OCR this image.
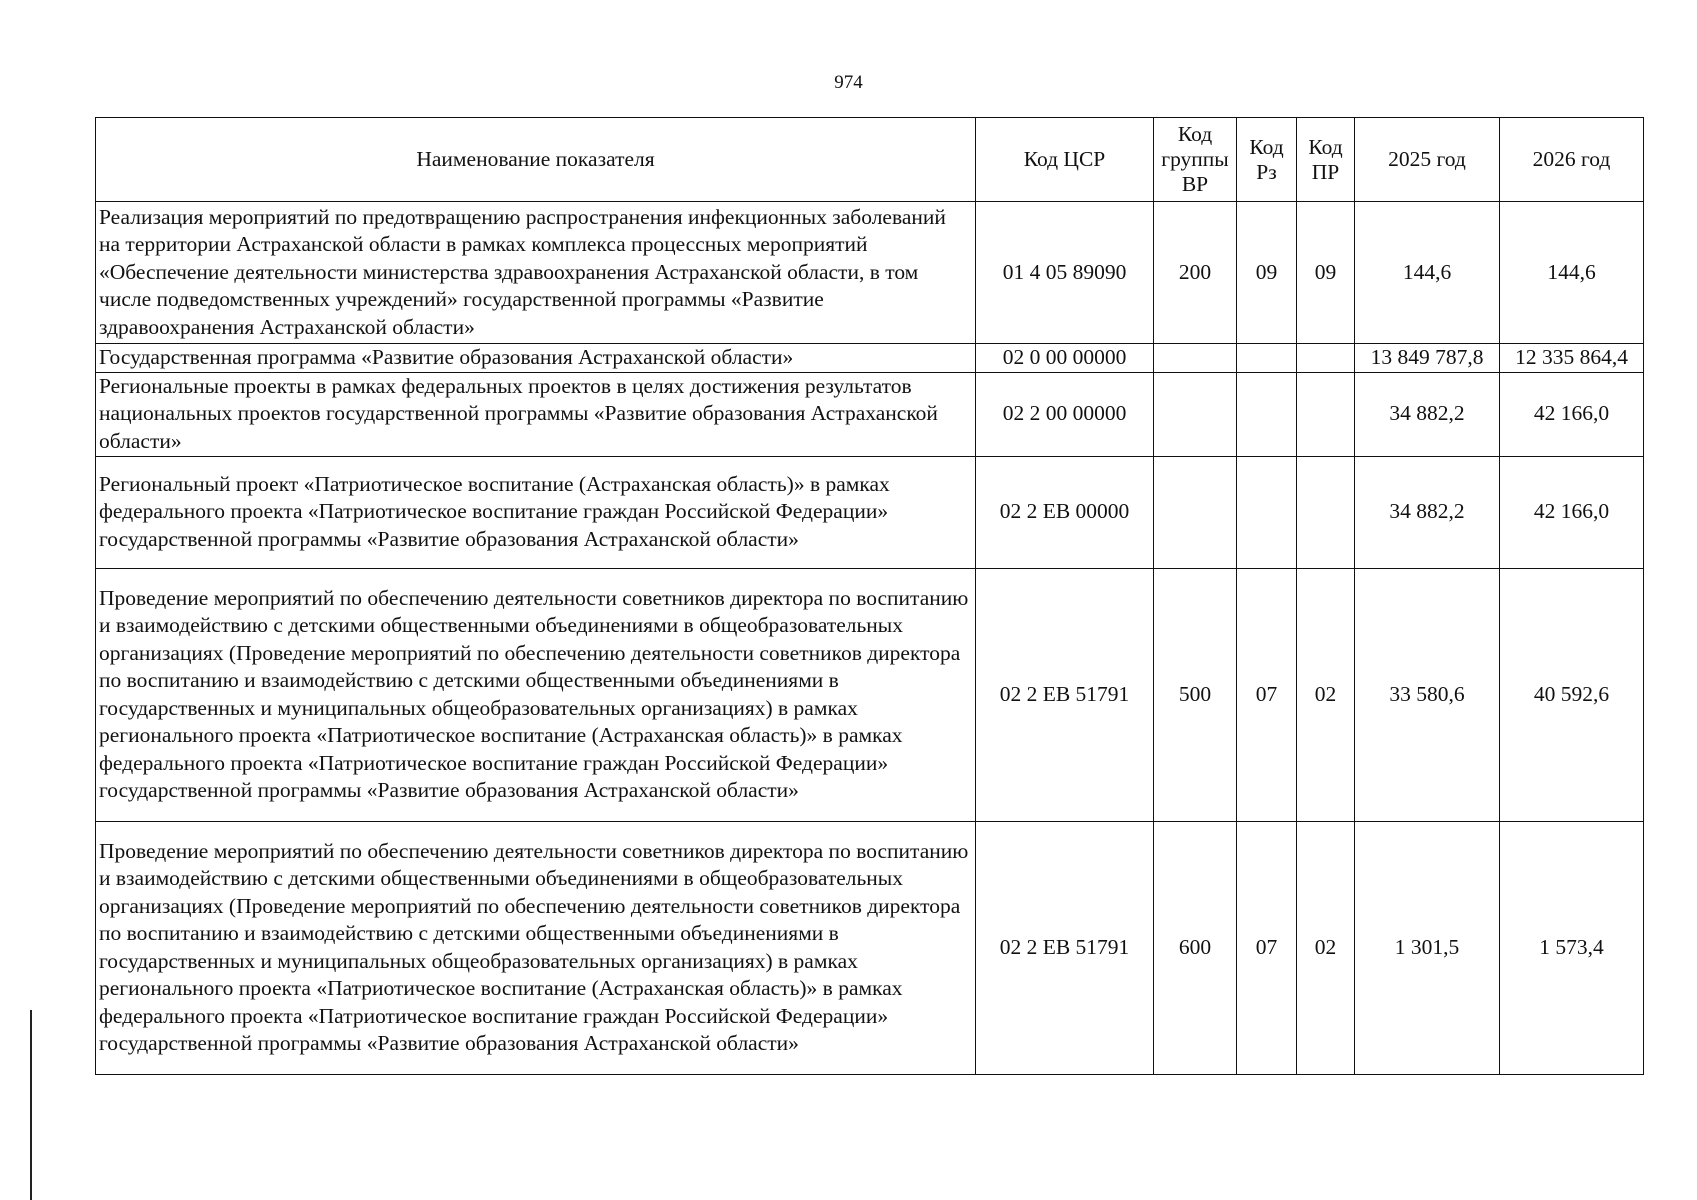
974
Наименование показателя	Код ЦСР	Код группы ВР	Код Рз	Код ПР	2025 год	2026 год
Реализация мероприятий по предотвращению распространения инфекционных заболеваний на территории Астраханской области в рамках комплекса процессных мероприятий «Обеспечение деятельности министерства здравоохранения Астраханской области, в том числе подведомственных учреждений» государственной программы «Развитие здравоохранения Астраханской области»	01 4 05 89090	200	09	09	144,6	144,6
Государственная программа «Развитие образования Астраханской области»	02 0 00 00000				13 849 787,8	12 335 864,4
Региональные проекты в рамках федеральных проектов в целях достижения результатов национальных проектов государственной программы «Развитие образования Астраханской области»	02 2 00 00000				34 882,2	42 166,0
Региональный проект «Патриотическое воспитание (Астраханская область)» в рамках федерального проекта «Патриотическое воспитание граждан Российской Федерации» государственной программы «Развитие образования Астраханской области»	02 2 ЕВ 00000				34 882,2	42 166,0
Проведение мероприятий по обеспечению деятельности советников директора по воспитанию и взаимодействию с детскими общественными объединениями в общеобразовательных организациях (Проведение мероприятий по обеспечению деятельности советников директора по воспитанию и взаимодействию с детскими общественными объединениями в государственных и муниципальных общеобразовательных организациях) в рамках регионального проекта «Патриотическое воспитание (Астраханская область)» в рамках федерального проекта «Патриотическое воспитание граждан Российской Федерации» государственной программы «Развитие образования Астраханской области»	02 2 ЕВ 51791	500	07	02	33 580,6	40 592,6
Проведение мероприятий по обеспечению деятельности советников директора по воспитанию и взаимодействию с детскими общественными объединениями в общеобразовательных организациях (Проведение мероприятий по обеспечению деятельности советников директора по воспитанию и взаимодействию с детскими общественными объединениями в государственных и муниципальных общеобразовательных организациях) в рамках регионального проекта «Патриотическое воспитание (Астраханская область)» в рамках федерального проекта «Патриотическое воспитание граждан Российской Федерации» государственной программы «Развитие образования Астраханской области»	02 2 ЕВ 51791	600	07	02	1 301,5	1 573,4
